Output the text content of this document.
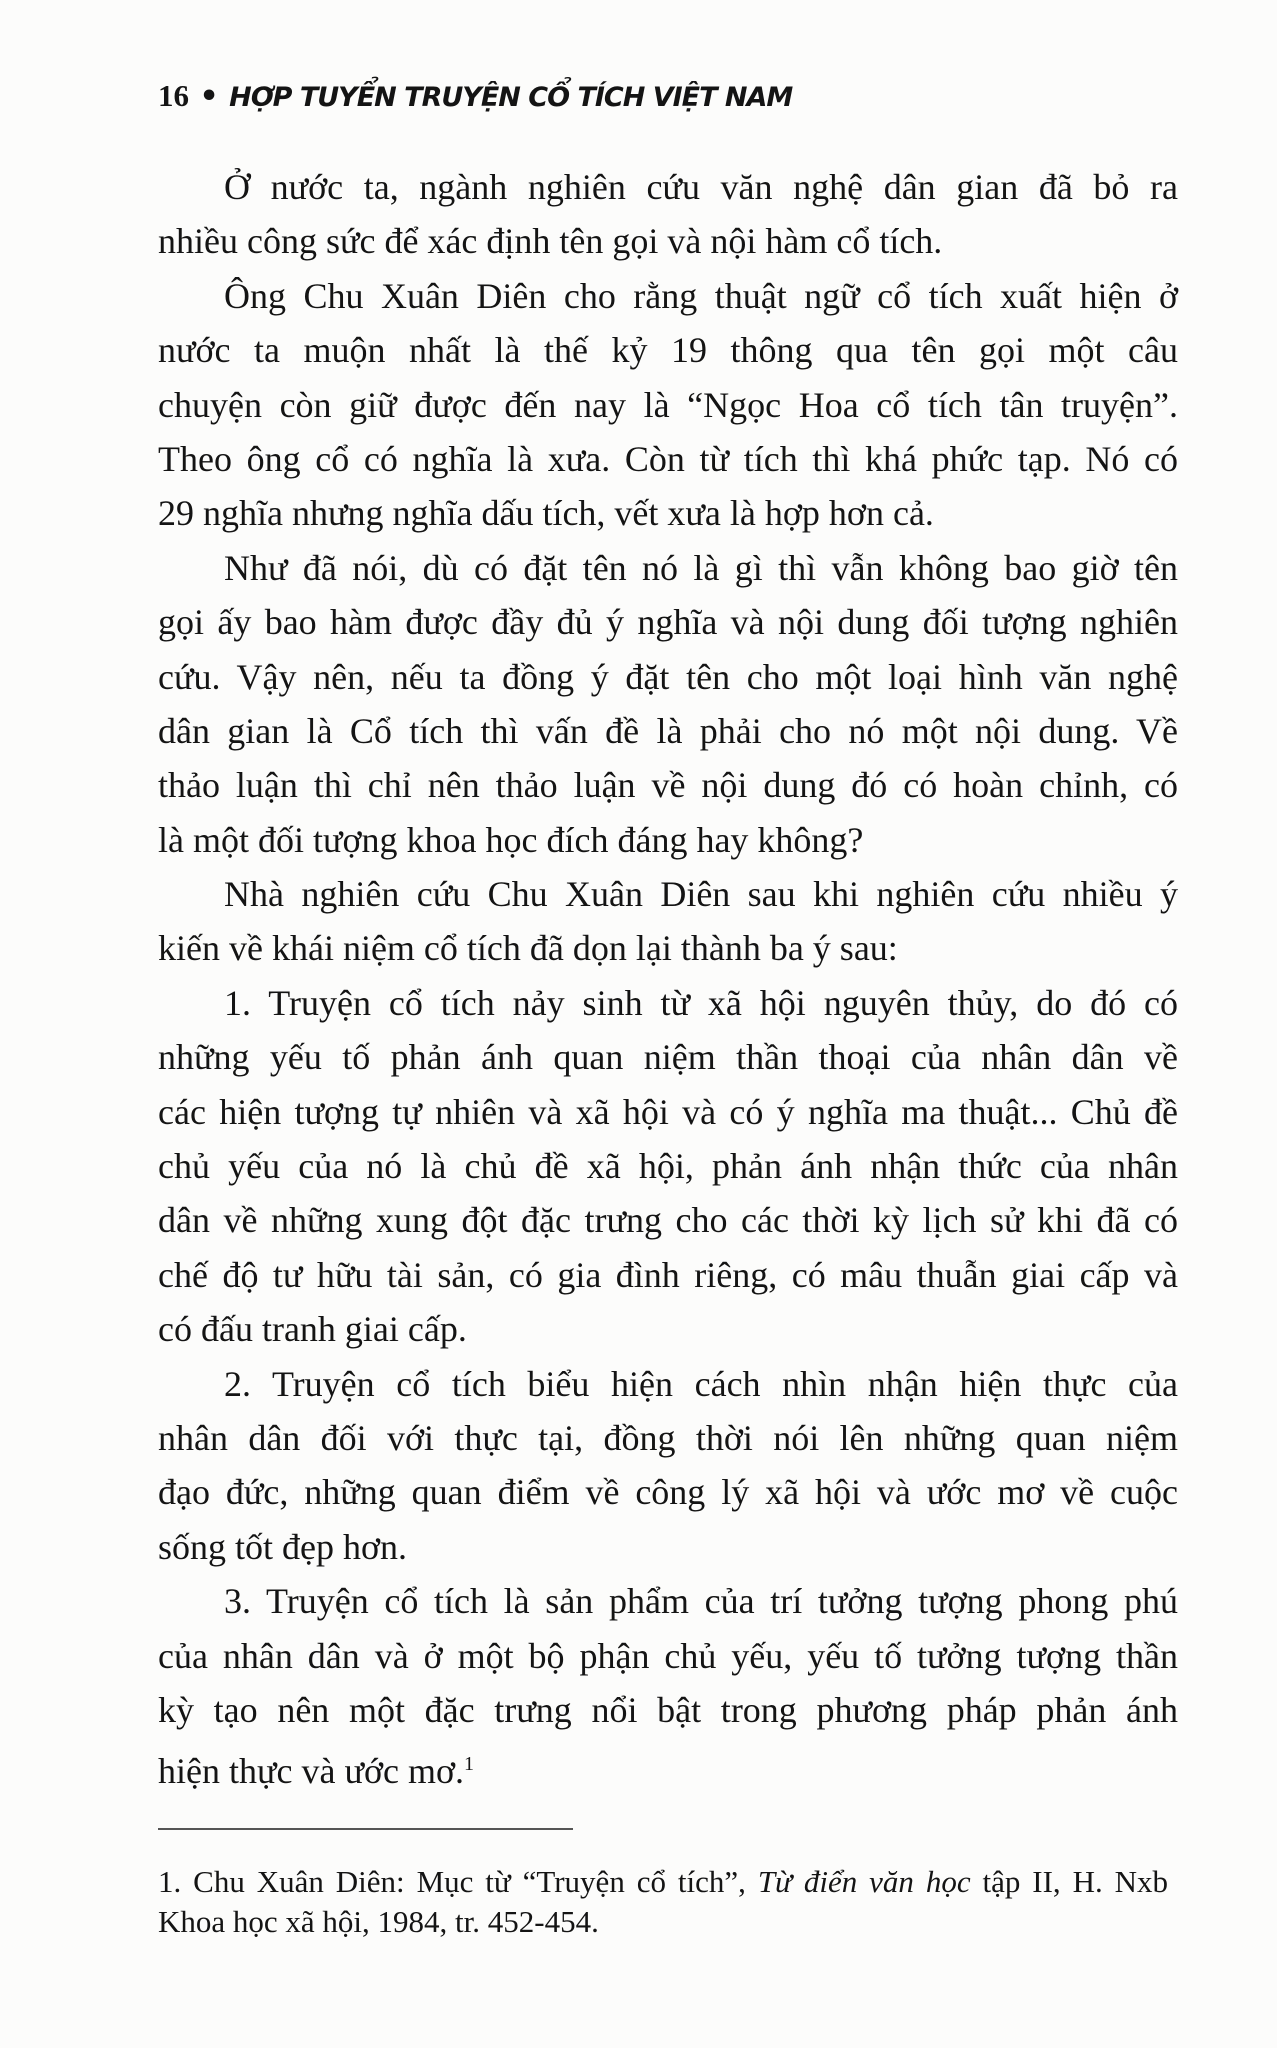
16 • HỢP TUYỂN TRUYỆN CỔ TÍCH VIỆT NAM
Ở nước ta, ngành nghiên cứu văn nghệ dân gian đã bỏ ra
nhiều công sức để xác định tên gọi và nội hàm cổ tích.
Ông Chu Xuân Diên cho rằng thuật ngữ cổ tích xuất hiện ở
nước ta muộn nhất là thế kỷ 19 thông qua tên gọi một câu
chuyện còn giữ được đến nay là “Ngọc Hoa cổ tích tân truyện”.
Theo ông cổ có nghĩa là xưa. Còn từ tích thì khá phức tạp. Nó có
29 nghĩa nhưng nghĩa dấu tích, vết xưa là hợp hơn cả.
Như đã nói, dù có đặt tên nó là gì thì vẫn không bao giờ tên
gọi ấy bao hàm được đầy đủ ý nghĩa và nội dung đối tượng nghiên
cứu. Vậy nên, nếu ta đồng ý đặt tên cho một loại hình văn nghệ
dân gian là Cổ tích thì vấn đề là phải cho nó một nội dung. Về
thảo luận thì chỉ nên thảo luận về nội dung đó có hoàn chỉnh, có
là một đối tượng khoa học đích đáng hay không?
Nhà nghiên cứu Chu Xuân Diên sau khi nghiên cứu nhiều ý
kiến về khái niệm cổ tích đã dọn lại thành ba ý sau:
1. Truyện cổ tích nảy sinh từ xã hội nguyên thủy, do đó có
những yếu tố phản ánh quan niệm thần thoại của nhân dân về
các hiện tượng tự nhiên và xã hội và có ý nghĩa ma thuật... Chủ đề
chủ yếu của nó là chủ đề xã hội, phản ánh nhận thức của nhân
dân về những xung đột đặc trưng cho các thời kỳ lịch sử khi đã có
chế độ tư hữu tài sản, có gia đình riêng, có mâu thuẫn giai cấp và
có đấu tranh giai cấp.
2. Truyện cổ tích biểu hiện cách nhìn nhận hiện thực của
nhân dân đối với thực tại, đồng thời nói lên những quan niệm
đạo đức, những quan điểm về công lý xã hội và ước mơ về cuộc
sống tốt đẹp hơn.
3. Truyện cổ tích là sản phẩm của trí tưởng tượng phong phú
của nhân dân và ở một bộ phận chủ yếu, yếu tố tưởng tượng thần
kỳ tạo nên một đặc trưng nổi bật trong phương pháp phản ánh
hiện thực và ước mơ.$^1$
1. Chu Xuân Diên: Mục từ “Truyện cổ tích”, Từ điển văn học tập II, H. Nxb
Khoa học xã hội, 1984, tr. 452-454.
